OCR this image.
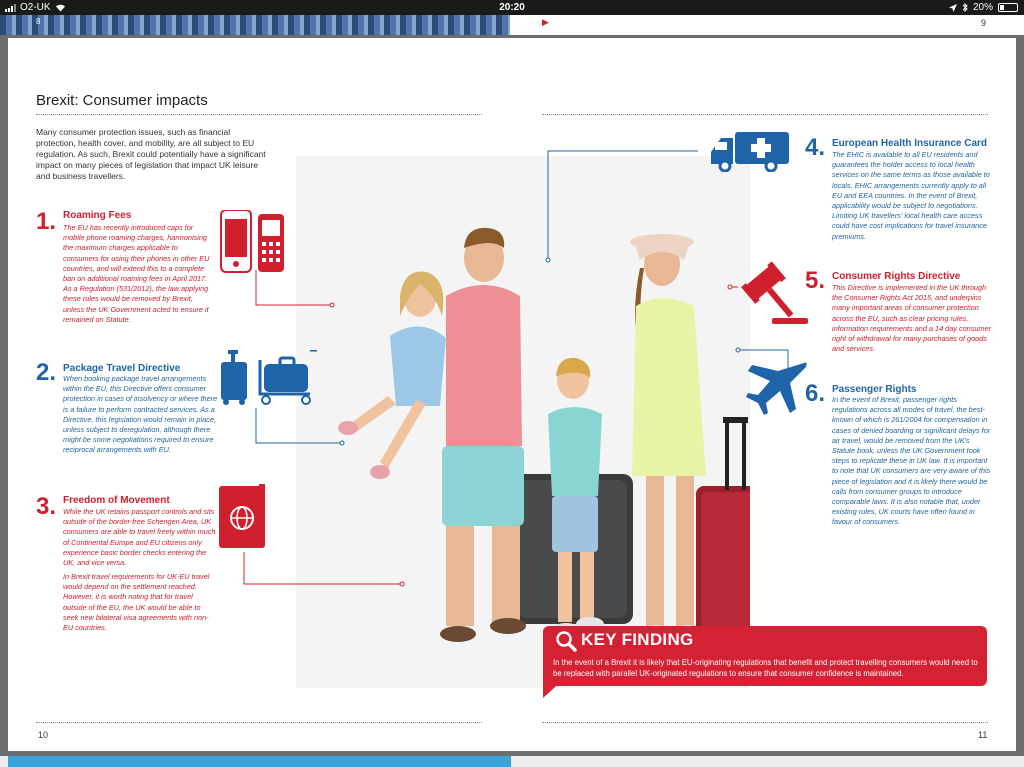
O2-UK	20:20	20%
8	▶	9
Brexit: Consumer impacts
Many consumer protection issues, such as financial protection, health cover, and mobility, are all subject to EU regulation. As such, Brexit could potentially have a significant impact on many pieces of legislation that impact UK leisure and business travellers.
1. Roaming Fees
The EU has recently introduced caps for mobile phone roaming charges, harmonising the maximum charges applicable to consumers for using their phones in other EU countries, and will extend this to a complete ban on additional roaming fees in April 2017. As a Regulation (531/2012), the law applying these rules would be removed by Brexit, unless the UK Government acted to ensure it remained on Statute.
2. Package Travel Directive
When booking package travel arrangements within the EU, this Directive offers consumer protection in cases of insolvency or where there is a failure to perform contracted services. As a Directive, this legislation would remain in place, unless subject to deregulation, although there might be some negotiations required to ensure reciprocal arrangements with EU.
3. Freedom of Movement
While the UK retains passport controls and sits outside of the border-free Schengen Area, UK consumers are able to travel freely within much of Continental Europe and EU citizens only experience basic border checks entering the UK, and vice versa.
In Brexit travel requirements for UK-EU travel would depend on the settlement reached. However, it is worth noting that for travel outside of the EU, the UK would be able to seek new bilateral visa agreements with non-EU countries.
4. European Health Insurance Card
The EHIC is available to all EU residents and guarantees the holder access to local health services on the same terms as those available to locals. EHIC arrangements currently apply to all EU and EEA countries. In the event of Brexit, applicability would be subject to negotiations. Limiting UK travellers' local health care access could have cost implications for travel insurance premiums.
5. Consumer Rights Directive
This Directive is implemented in the UK through the Consumer Rights Act 2015, and underpins many important areas of consumer protection across the EU, such as clear pricing rules, information requirements and a 14 day consumer right of withdrawal for many purchases of goods and services.
6. Passenger Rights
In the event of Brexit, passenger rights regulations across all modes of travel, the best-known of which is 261/2004 for compensation in cases of denied boarding or significant delays for air travel, would be removed from the UK's Statute book, unless the UK Government took steps to replicate these in UK law. It is important to note that UK consumers are very aware of this piece of legislation and it is likely there would be calls from consumer groups to introduce comparable laws. It is also notable that, under existing rules, UK courts have often found in favour of consumers.
KEY FINDING
In the event of a Brexit it is likely that EU-originating regulations that benefit and protect travelling consumers would need to be replaced with parallel UK-originated regulations to ensure that consumer confidence is maintained.
10	11
